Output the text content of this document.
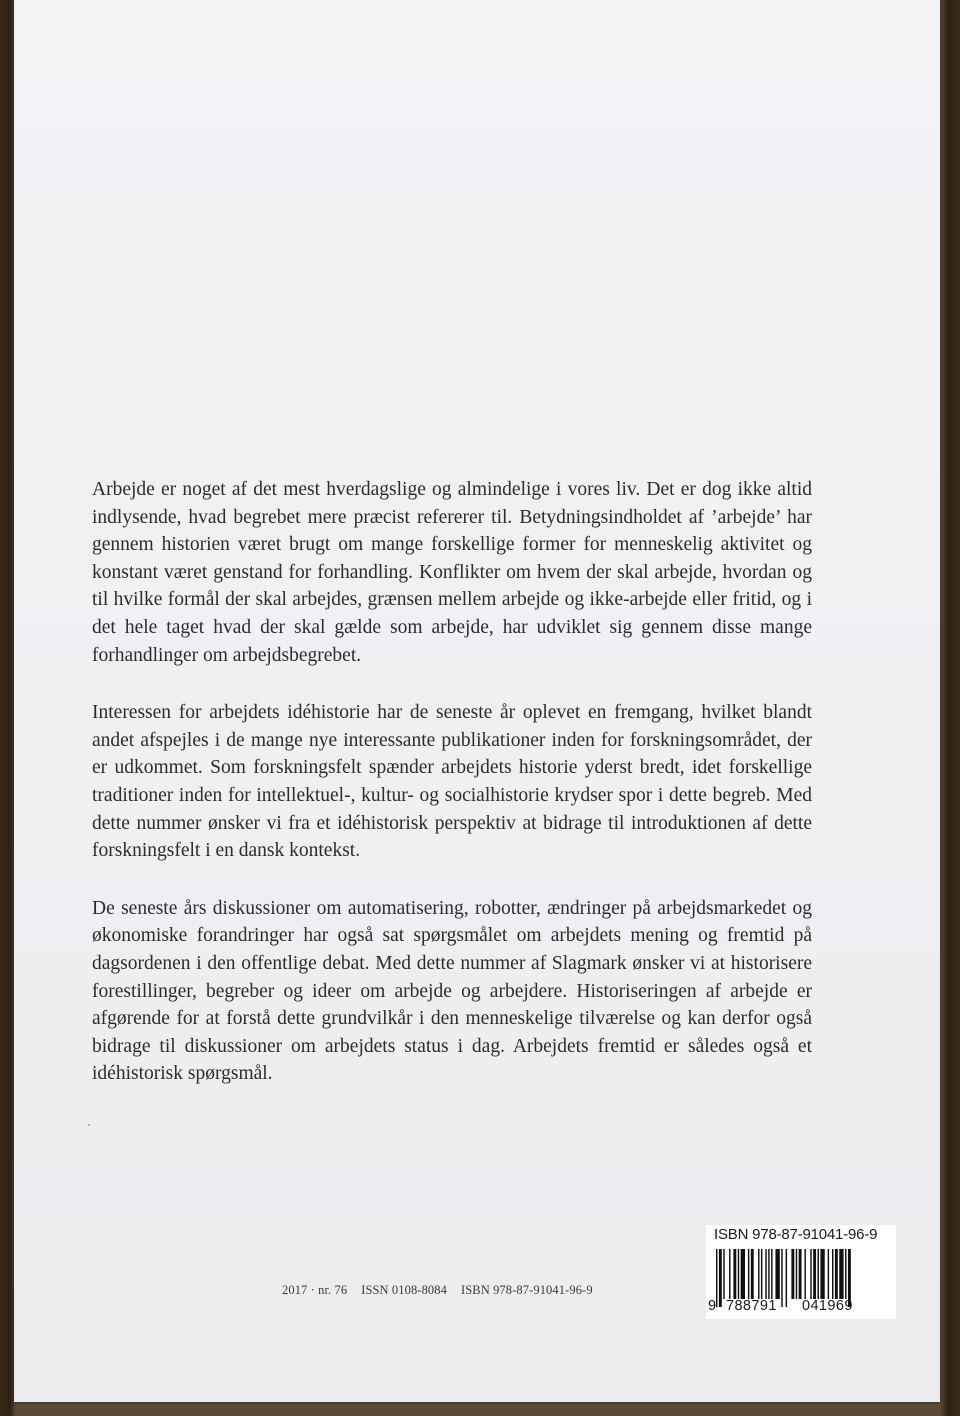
Arbejde er noget af det mest hverdagslige og almindelige i vores liv. Det er dog ikke altid indlysende, hvad begrebet mere præcist refererer til. Betydningsindholdet af ’arbejde’ har gennem historien været brugt om mange forskellige former for menneskelig aktivitet og konstant været genstand for forhandling. Konflikter om hvem der skal arbejde, hvordan og til hvilke formål der skal arbejdes, grænsen mellem arbejde og ikke-arbejde eller fritid, og i det hele taget hvad der skal gælde som arbejde, har udviklet sig gennem disse mange forhandlinger om arbejdsbegrebet.

Interessen for arbejdets idéhistorie har de seneste år oplevet en fremgang, hvilket blandt andet afspejles i de mange nye interessante publikationer inden for forskningsområdet, der er udkommet. Som forskningsfelt spænder arbejdets historie yderst bredt, idet forskellige traditioner inden for intellektuel-, kultur- og socialhistorie krydser spor i dette begreb. Med dette nummer ønsker vi fra et idéhistorisk perspektiv at bidrage til introduktionen af dette forskningsfelt i en dansk kontekst.

De seneste års diskussioner om automatisering, robotter, ændringer på arbejdsmarkedet og økonomiske forandringer har også sat spørgsmålet om arbejdets mening og fremtid på dagsordenen i den offentlige debat. Med dette nummer af Slagmark ønsker vi at historisere forestillinger, begreber og ideer om arbejde og arbejdere. Historiseringen af arbejde er afgørende for at forstå dette grundvilkår i den menneskelige tilværelse og kan derfor også bidrage til diskussioner om arbejdets status i dag. Arbejdets fremtid er således også et idéhistorisk spørgsmål.

2017 · nr. 76 ISSN 0108-8084 ISBN 978-87-91041-96-9
ISBN 978-87-91041-96-9
9 788791	041969
